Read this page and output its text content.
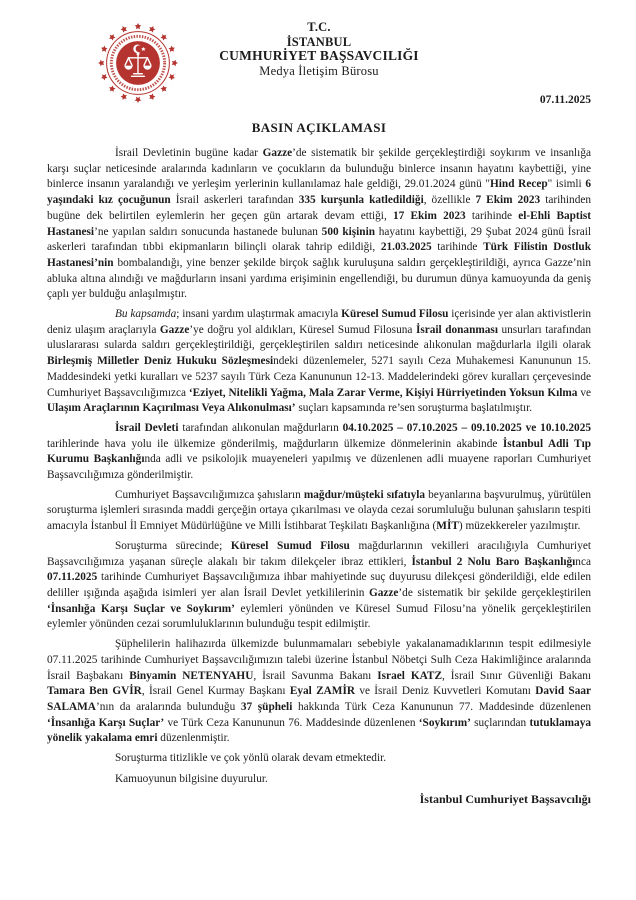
T.C.
İSTANBUL
CUMHURİYET BAŞSAVCILIĞI
Medya İletişim Bürosu
07.11.2025
BASIN AÇIKLAMASI

İsrail Devletinin bugüne kadar Gazze’de sistematik bir şekilde gerçekleştirdiği soykırım ve insanlığa karşı suçlar neticesinde aralarında kadınların ve çocukların da bulunduğu binlerce insanın hayatını kaybettiği, yine binlerce insanın yaralandığı ve yerleşim yerlerinin kullanılamaz hale geldiği, 29.01.2024 günü "Hind Recep" isimli 6 yaşındaki kız çocuğunun İsrail askerleri tarafından 335 kurşunla katledildiği, özellikle 7 Ekim 2023 tarihinden bugüne dek belirtilen eylemlerin her geçen gün artarak devam ettiği, 17 Ekim 2023 tarihinde el-Ehli Baptist Hastanesi’ne yapılan saldırı sonucunda hastanede bulunan 500 kişinin hayatını kaybettiği, 29 Şubat 2024 günü İsrail askerleri tarafından tıbbi ekipmanların bilinçli olarak tahrip edildiği, 21.03.2025 tarihinde Türk Filistin Dostluk Hastanesi’nin bombalandığı, yine benzer şekilde birçok sağlık kuruluşuna saldırı gerçekleştirildiği, ayrıca Gazze’nin abluka altına alındığı ve mağdurların insani yardıma erişiminin engellendiği, bu durumun dünya kamuoyunda da geniş çaplı yer bulduğu anlaşılmıştır.

Bu kapsamda; insani yardım ulaştırmak amacıyla Küresel Sumud Filosu içerisinde yer alan aktivistlerin deniz ulaşım araçlarıyla Gazze’ye doğru yol aldıkları, Küresel Sumud Filosuna İsrail donanması unsurları tarafından uluslararası sularda saldırı gerçekleştirildiği, gerçekleştirilen saldırı neticesinde alıkonulan mağdurlarla ilgili olarak Birleşmiş Milletler Deniz Hukuku Sözleşmesindeki düzenlemeler, 5271 sayılı Ceza Muhakemesi Kanununun 15. Maddesindeki yetki kuralları ve 5237 sayılı Türk Ceza Kanununun 12-13. Maddelerindeki görev kuralları çerçevesinde Cumhuriyet Başsavcılığımızca ‘Eziyet, Nitelikli Yağma, Mala Zarar Verme, Kişiyi Hürriyetinden Yoksun Kılma ve Ulaşım Araçlarının Kaçırılması Veya Alıkonulması’ suçları kapsamında re’sen soruşturma başlatılmıştır.

İsrail Devleti tarafından alıkonulan mağdurların 04.10.2025 – 07.10.2025 – 09.10.2025 ve 10.10.2025 tarihlerinde hava yolu ile ülkemize gönderilmiş, mağdurların ülkemize dönmelerinin akabinde İstanbul Adli Tıp Kurumu Başkanlığında adli ve psikolojik muayeneleri yapılmış ve düzenlenen adli muayene raporları Cumhuriyet Başsavcılığımıza gönderilmiştir.

Cumhuriyet Başsavcılığımızca şahısların mağdur/müşteki sıfatıyla beyanlarına başvurulmuş, yürütülen soruşturma işlemleri sırasında maddi gerçeğin ortaya çıkarılması ve olayda cezai sorumluluğu bulunan şahısların tespiti amacıyla İstanbul İl Emniyet Müdürlüğüne ve Milli İstihbarat Teşkilatı Başkanlığına (MİT) müzekkereler yazılmıştır.

Soruşturma sürecinde; Küresel Sumud Filosu mağdurlarının vekilleri aracılığıyla Cumhuriyet Başsavcılığımıza yaşanan süreçle alakalı bir takım dilekçeler ibraz ettikleri, İstanbul 2 Nolu Baro Başkanlığınca 07.11.2025 tarihinde Cumhuriyet Başsavcılığımıza ihbar mahiyetinde suç duyurusu dilekçesi gönderildiği, elde edilen deliller ışığında aşağıda isimleri yer alan İsrail Devlet yetkililerinin Gazze’de sistematik bir şekilde gerçekleştirilen ‘İnsanlığa Karşı Suçlar ve Soykırım’ eylemleri yönünden ve Küresel Sumud Filosu’na yönelik gerçekleştirilen eylemler yönünden cezai sorumluluklarının bulunduğu tespit edilmiştir.

Şüphelilerin halihazırda ülkemizde bulunmamaları sebebiyle yakalanamadıklarının tespit edilmesiyle 07.11.2025 tarihinde Cumhuriyet Başsavcılığımızın talebi üzerine İstanbul Nöbetçi Sulh Ceza Hakimliğince aralarında İsrail Başbakanı Binyamin NETENYAHU, İsrail Savunma Bakanı Israel KATZ, İsrail Sınır Güvenliği Bakanı Tamara Ben GVİR, İsrail Genel Kurmay Başkanı Eyal ZAMİR ve İsrail Deniz Kuvvetleri Komutanı David Saar SALAMA’nın da aralarında bulunduğu 37 şüpheli hakkında Türk Ceza Kanununun 77. Maddesinde düzenlenen ‘İnsanlığa Karşı Suçlar’ ve Türk Ceza Kanununun 76. Maddesinde düzenlenen ‘Soykırım’ suçlarından tutuklamaya yönelik yakalama emri düzenlenmiştir.

Soruşturma titizlikle ve çok yönlü olarak devam etmektedir.

Kamuoyunun bilgisine duyurulur.

İstanbul Cumhuriyet Başsavcılığı
